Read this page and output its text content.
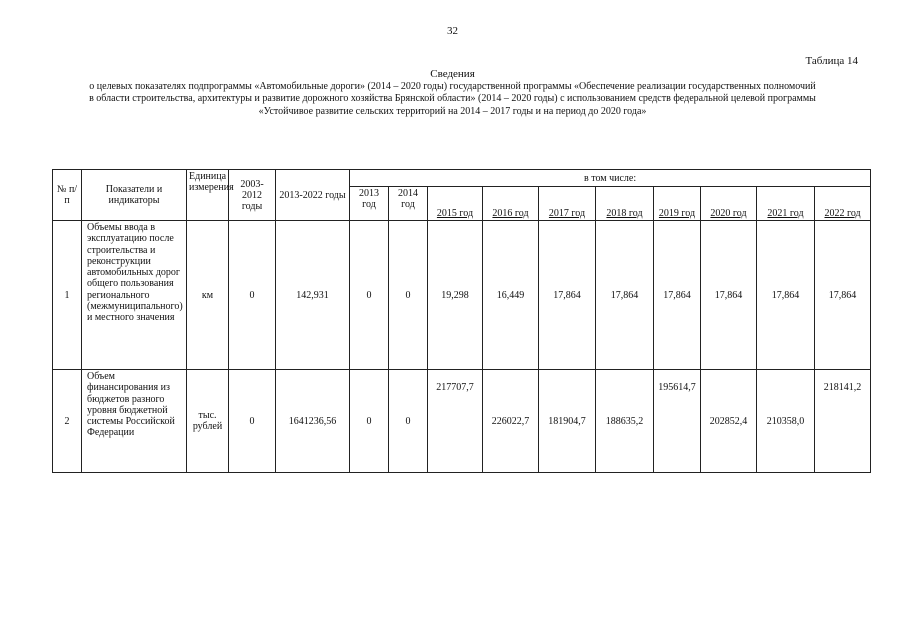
32
Таблица 14
Сведения
о целевых показателях подпрограммы «Автомобильные дороги» (2014 – 2020 годы) государственной программы «Обеспечение реализации государственных полномочий
в области строительства, архитектуры и развитие дорожного хозяйства Брянской области» (2014 – 2020 годы) с использованием средств федеральной целевой программы
«Устойчивое развитие сельских территорий на 2014 – 2017 годы и на период до 2020 года»
№ п/п	Показатели и индикаторы	Единица измерения	2003-2012 годы	2013-2022 годы	в том числе:									
					2013 год	2014 год	2015 год	2016 год	2017 год	2018 год	2019 год	2020 год	2021 год	2022 год
1	Объемы ввода в эксплуатацию после строительства и реконструкции автомобильных дорог общего пользования регионального (межмуниципального) и местного значения	км	0	142,931	0	0	19,298	16,449	17,864	17,864	17,864	17,864	17,864	17,864
2	Объем финансирования из бюджетов разного уровня бюджетной системы Российской Федерации	тыс. рублей	0	1641236,56	0	0	217707,7	226022,7	181904,7	188635,2	195614,7	202852,4	210358,0	218141,2
